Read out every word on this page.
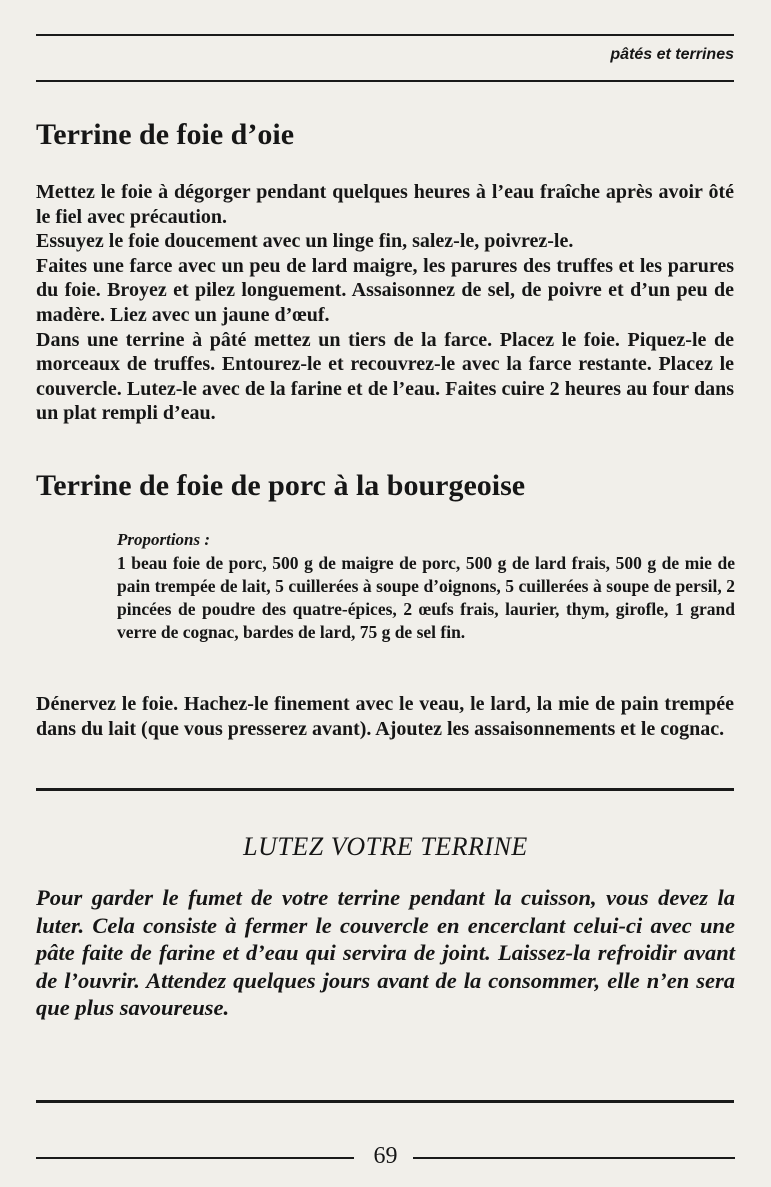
pâtés et terrines
Terrine de foie d’oie

Mettez le foie à dégorger pendant quelques heures à l’eau fraîche après avoir ôté le fiel avec précaution.

Essuyez le foie doucement avec un linge fin, salez-le, poivrez-le.

Faites une farce avec un peu de lard maigre, les parures des truffes et les parures du foie. Broyez et pilez longuement. Assaisonnez de sel, de poivre et d’un peu de madère. Liez avec un jaune d’œuf.

Dans une terrine à pâté mettez un tiers de la farce. Placez le foie. Piquez-le de morceaux de truffes. Entourez-le et recouvrez-le avec la farce restante. Placez le couvercle. Lutez-le avec de la farine et de l’eau. Faites cuire 2 heures au four dans un plat rempli d’eau.

Terrine de foie de porc à la bourgeoise
Proportions :
1 beau foie de porc, 500 g de maigre de porc, 500 g de lard frais, 500 g de mie de pain trempée de lait, 5 cuillerées à soupe d’oignons, 5 cuillerées à soupe de persil, 2 pincées de poudre des quatre-épices, 2 œufs frais, laurier, thym, girofle, 1 grand verre de cognac, bardes de lard, 75 g de sel fin.

Dénervez le foie. Hachez-le finement avec le veau, le lard, la mie de pain trempée dans du lait (que vous presserez avant). Ajoutez les assaisonnements et le cognac.

LUTEZ VOTRE TERRINE
Pour garder le fumet de votre terrine pendant la cuisson, vous devez la luter. Cela consiste à fermer le couvercle en encerclant celui-ci avec une pâte faite de farine et d’eau qui servira de joint. Laissez-la refroidir avant de l’ouvrir. Attendez quelques jours avant de la consommer, elle n’en sera que plus savoureuse.
69
